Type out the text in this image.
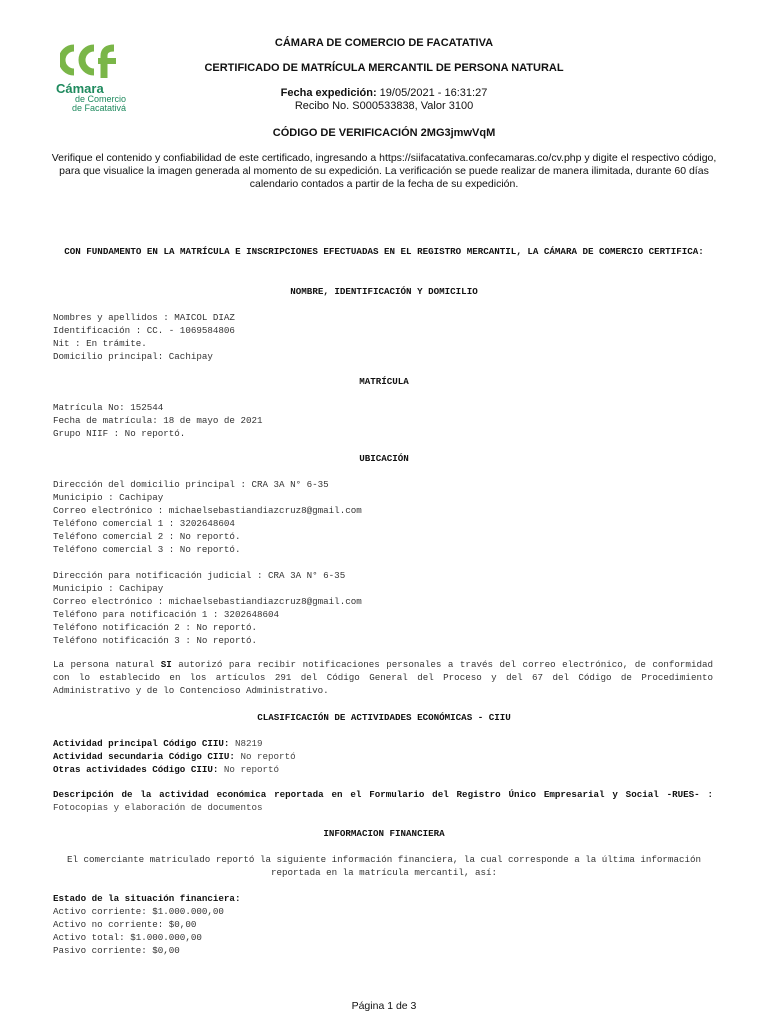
Cámara
de Comercio
de Facatativá
CÁMARA DE COMERCIO DE FACATATIVA
CERTIFICADO DE MATRÍCULA MERCANTIL DE PERSONA NATURAL
Fecha expedición: 19/05/2021 - 16:31:27
Recibo No. S000533838, Valor 3100
CÓDIGO DE VERIFICACIÓN 2MG3jmwVqM
Verifique el contenido y confiabilidad de este certificado, ingresando a https://siifacatativa.confecamaras.co/cv.php y digite el respectivo código, para que visualice la imagen generada al momento de su expedición. La verificación se puede realizar de manera ilimitada, durante 60 días calendario contados a partir de la fecha de su expedición.
CON FUNDAMENTO EN LA MATRÍCULA E INSCRIPCIONES EFECTUADAS EN EL REGISTRO MERCANTIL, LA CÁMARA DE COMERCIO CERTIFICA:
NOMBRE, IDENTIFICACIÓN Y DOMICILIO
Nombres y apellidos : MAICOL DIAZ
Identificación : CC. - 1069584806
Nit : En trámite.
Domicilio principal: Cachipay
MATRÍCULA
Matrícula No: 152544
Fecha de matrícula: 18 de mayo de 2021
Grupo NIIF : No reportó.
UBICACIÓN
Dirección del domicilio principal : CRA 3A N° 6-35
Municipio : Cachipay
Correo electrónico : michaelsebastiandiazcruz8@gmail.com
Teléfono comercial 1 : 3202648604
Teléfono comercial 2 : No reportó.
Teléfono comercial 3 : No reportó.
Dirección para notificación judicial : CRA 3A N° 6-35
Municipio : Cachipay
Correo electrónico : michaelsebastiandiazcruz8@gmail.com
Teléfono para notificación 1 : 3202648604
Teléfono notificación 2 : No reportó.
Teléfono notificación 3 : No reportó.
La persona natural SI autorizó para recibir notificaciones personales a través del correo electrónico, de conformidad con lo establecido en los artículos 291 del Código General del Proceso y del 67 del Código de Procedimiento Administrativo y de lo Contencioso Administrativo.
CLASIFICACIÓN DE ACTIVIDADES ECONÓMICAS - CIIU
Actividad principal Código CIIU: N8219
Actividad secundaria Código CIIU: No reportó
Otras actividades Código CIIU: No reportó
Descripción de la actividad económica reportada en el Formulario del Registro Único Empresarial y Social -RUES- : Fotocopias y elaboración de documentos
INFORMACION FINANCIERA
El comerciante matriculado reportó la siguiente información financiera, la cual corresponde a la última información reportada en la matrícula mercantil, así:
Estado de la situación financiera:
Activo corriente: $1.000.000,00
Activo no corriente: $0,00
Activo total: $1.000.000,00
Pasivo corriente: $0,00
Página 1 de 3
